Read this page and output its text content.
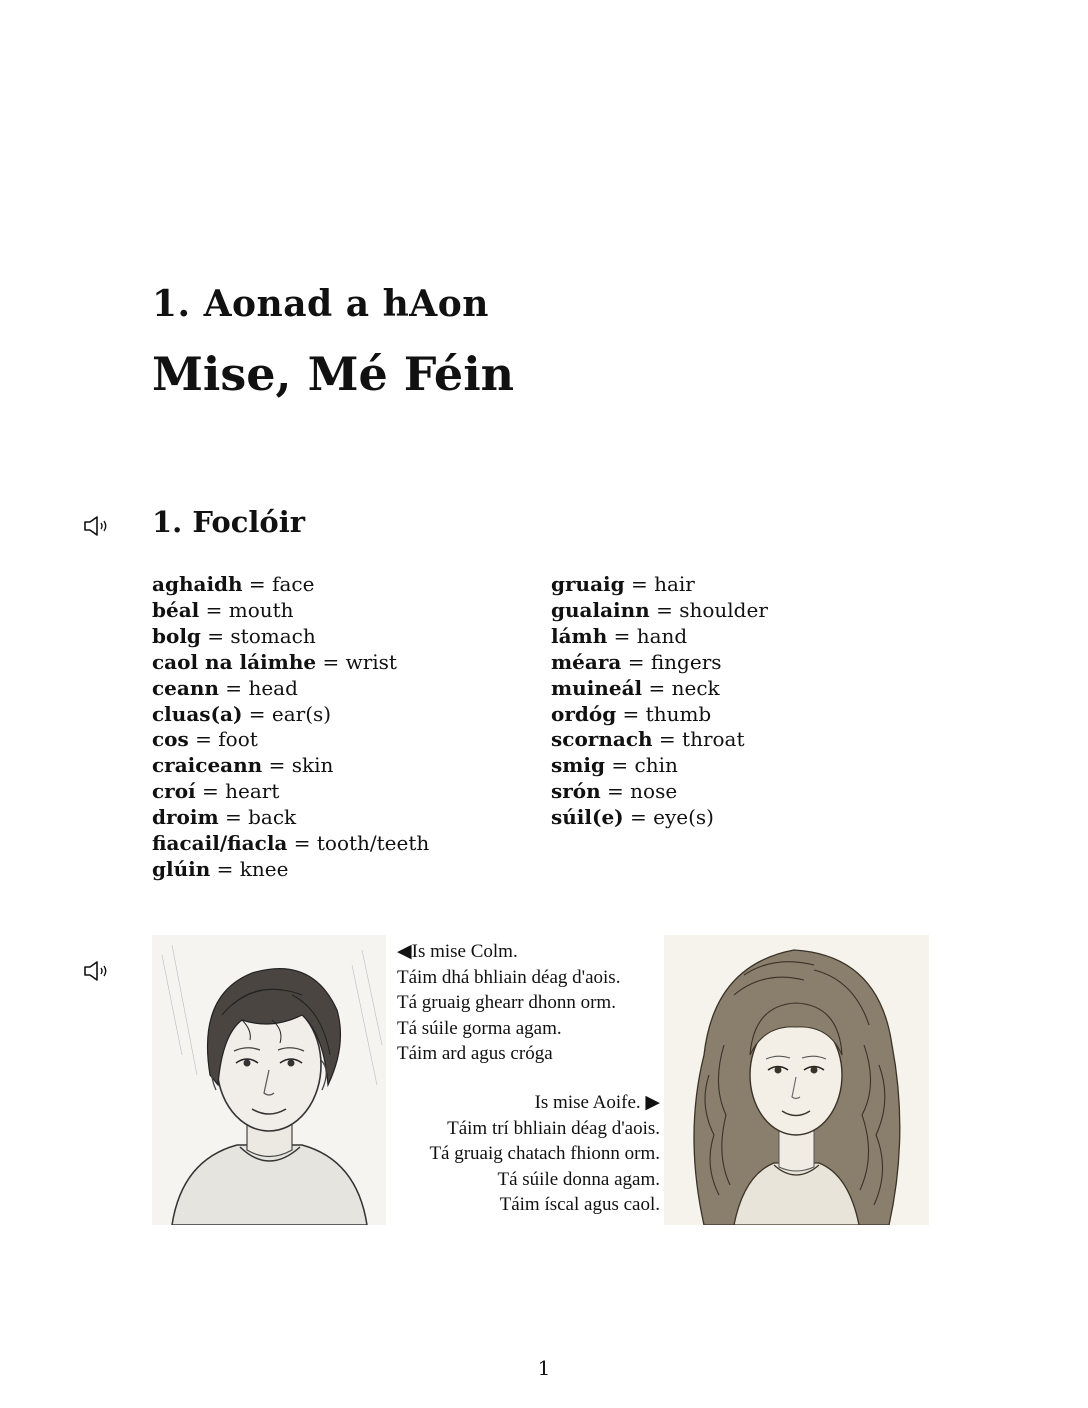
1. Aonad a hAon
Mise, Mé Féin
1. Foclóir
aghaidh = face
béal = mouth
bolg = stomach
caol na láimhe = wrist
ceann = head
cluas(a) = ear(s)
cos = foot
craiceann = skin
croí = heart
droim = back
fiacail/fiacla = tooth/teeth
glúin = knee
gruaig = hair
gualainn = shoulder
lámh = hand
méara = fingers
muineál = neck
ordóg = thumb
scornach = throat
smig = chin
srón = nose
súil(e) = eye(s)
◀Is mise Colm.
Táim dhá bhliain déag d'aois.
Tá gruaig ghearr dhonn orm.
Tá súile gorma agam.
Táim ard agus cróga
Is mise Aoife. ▶
Táim trí bhliain déag d'aois.
Tá gruaig chatach fhionn orm.
Tá súile donna agam.
Táim íscal agus caol.
1
